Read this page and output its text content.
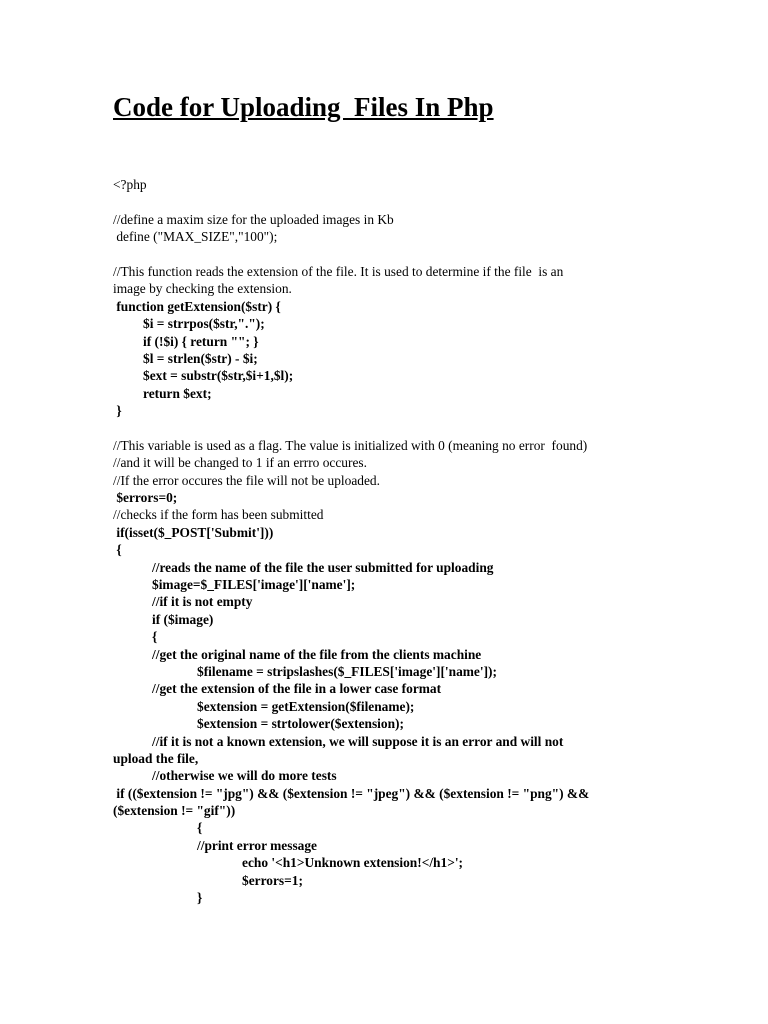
Code for Uploading  Files In Php
<?php
//define a maxim size for the uploaded images in Kb
define ("MAX_SIZE","100");
//This function reads the extension of the file. It is used to determine if the file  is an
image by checking the extension.
function getExtension($str) {
$i = strrpos($str,".");
if (!$i) { return ""; }
$l = strlen($str) - $i;
$ext = substr($str,$i+1,$l);
return $ext;
}
//This variable is used as a flag. The value is initialized with 0 (meaning no error  found)
//and it will be changed to 1 if an errro occures.
//If the error occures the file will not be uploaded.
$errors=0;
//checks if the form has been submitted
if(isset($_POST['Submit']))
{
//reads the name of the file the user submitted for uploading
$image=$_FILES['image']['name'];
//if it is not empty
if ($image)
{
//get the original name of the file from the clients machine
$filename = stripslashes($_FILES['image']['name']);
//get the extension of the file in a lower case format
$extension = getExtension($filename);
$extension = strtolower($extension);
//if it is not a known extension, we will suppose it is an error and will not
upload the file,
//otherwise we will do more tests
if (($extension != "jpg") && ($extension != "jpeg") && ($extension != "png") &&
($extension != "gif"))
{
//print error message
echo '<h1>Unknown extension!</h1>';
$errors=1;
}
